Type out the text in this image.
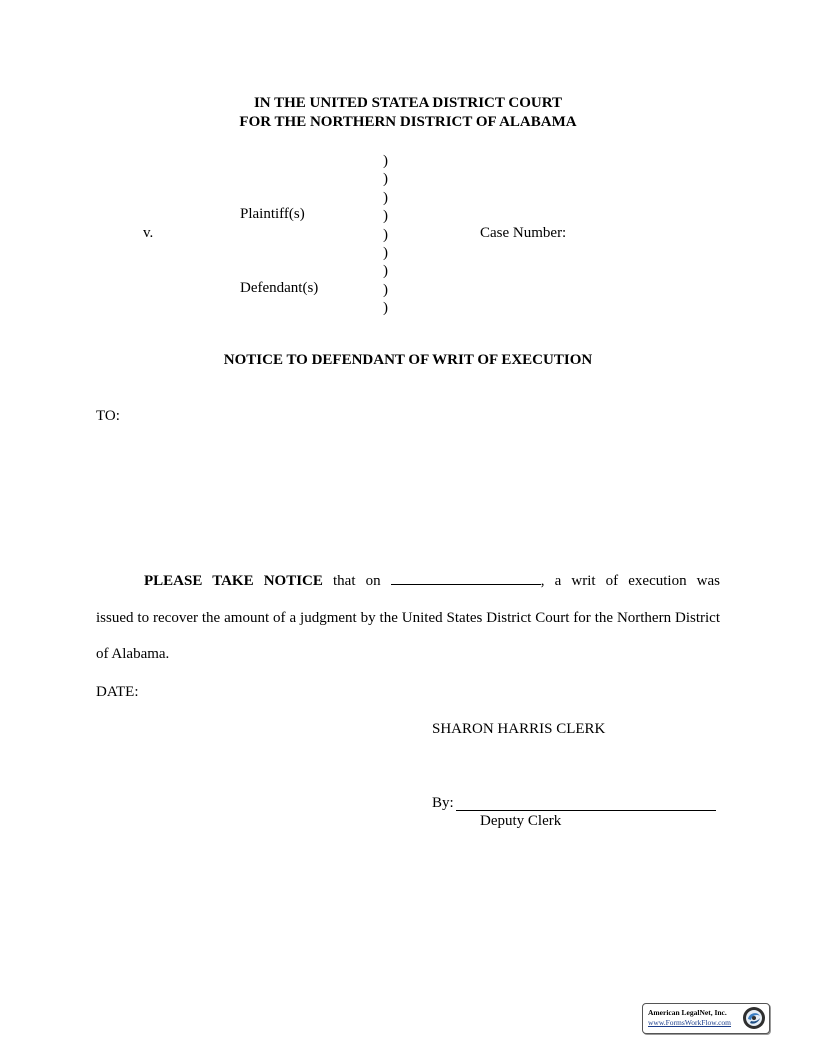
IN THE UNITED STATEA DISTRICT COURT
FOR THE NORTHERN DISTRICT OF ALABAMA
)
)
)
)
)
)
)
)
)
Plaintiff(s)
v.	Case Number:
Defendant(s)
NOTICE TO DEFENDANT OF WRIT OF EXECUTION
TO:
PLEASE TAKE NOTICE that on	, a writ of execution was
issued to recover the amount of a judgment by the United States District Court for the Northern District of Alabama.
DATE:
SHARON HARRIS CLERK
By:
Deputy Clerk
American LegalNet, Inc.
www.FormsWorkFlow.com
